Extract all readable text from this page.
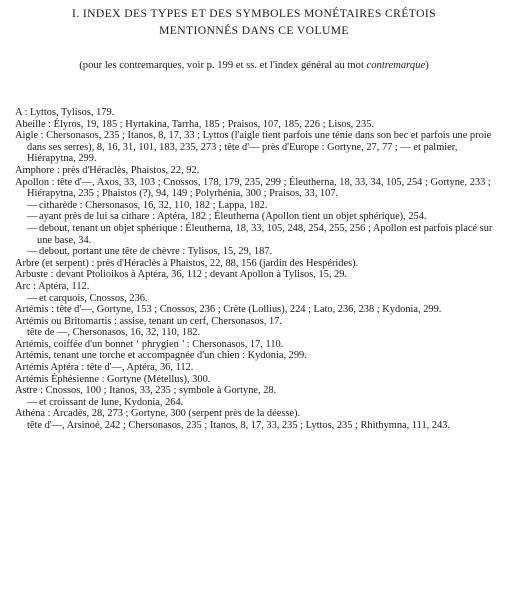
I. INDEX DES TYPES ET DES SYMBOLES MONÉTAIRES CRÉTOIS
MENTIONNÉS DANS CE VOLUME
(pour les contremarques, voir p. 199 et ss. et l'index général au mot contremarque)
A : Lyttos, Tylisos, 179.
Abeille : Élyros, 19, 185 ; Hyrtakina, Tarrha, 185 ; Praisos, 107, 185, 226 ; Lisos, 235.
Aigle : Chersonasos, 235 ; Itanos, 8, 17, 33 ; Lyttos (l'aigle tient parfois une ténie dans son bec et parfois une proie dans ses serres), 8, 16, 31, 101, 183, 235, 273 ; tête d'— près d'Europe : Gortyne, 27, 77 ; — et palmier, Hiérapytna, 299.
Amphore : près d'Héraclès, Phaistos, 22, 92.
Apollon : tête d'—, Axos, 33, 103 ; Cnossos, 178, 179, 235, 299 ; Éleutherna, 18, 33, 34, 105, 254 ; Gortyne, 233 ; Hiérapytna, 235 ; Phaistos (?), 94, 149 ; Polyrhénia, 300 ; Praisos, 33, 107.
— citharède : Chersonasos, 16, 32, 110, 182 ; Lappa, 182.
— ayant près de lui sa cithare : Aptéra, 182 ; Éleutherna (Apollon tient un objet sphérique), 254.
— debout, tenant un objet sphérique : Éleutherna, 18, 33, 105, 248, 254, 255, 256 ; Apollon est parfois placé sur une base, 34.
— debout, portant une tête de chèvre : Tylisos, 15, 29, 187.
Arbre (et serpent) : près d'Héraclès à Phaistos, 22, 88, 156 (jardin des Hespérides).
Arbuste : devant Ptolioikos à Aptéra, 36, 112 ; devant Apollon à Tylisos, 15, 29.
Arc : Aptéra, 112.
— et carquois, Cnossos, 236.
Artémis : tête d'—, Gortyne, 153 ; Cnossos, 236 ; Crète (Lollius), 224 ; Lato, 236, 238 ; Kydonia, 299.
Artémis ou Britomartis : assise, tenant un cerf, Chersonasos, 17.
tête de —, Chersonasos, 16, 32, 110, 182.
Artémis, coiffée d'un bonnet ‘ phrygien ’ : Chersonasos, 17, 110.
Artémis, tenant une torche et accompagnée d'un chien : Kydonia, 299.
Artémis Aptéra : tête d'—, Aptéra, 36, 112.
Artémis Éphésienne : Gortyne (Métellus), 300.
Astre : Cnossos, 100 ; Itanos, 33, 235 ; symbole à Gortyne, 28.
— et croissant de lune, Kydonia, 264.
Athéna : Arcadès, 28, 273 ; Gortyne, 300 (serpent près de la déesse).
tête d'—, Arsinoé, 242 ; Chersonasos, 235 ; Itanos, 8, 17, 33, 235 ; Lyttos, 235 ; Rhithymna, 111, 243.
